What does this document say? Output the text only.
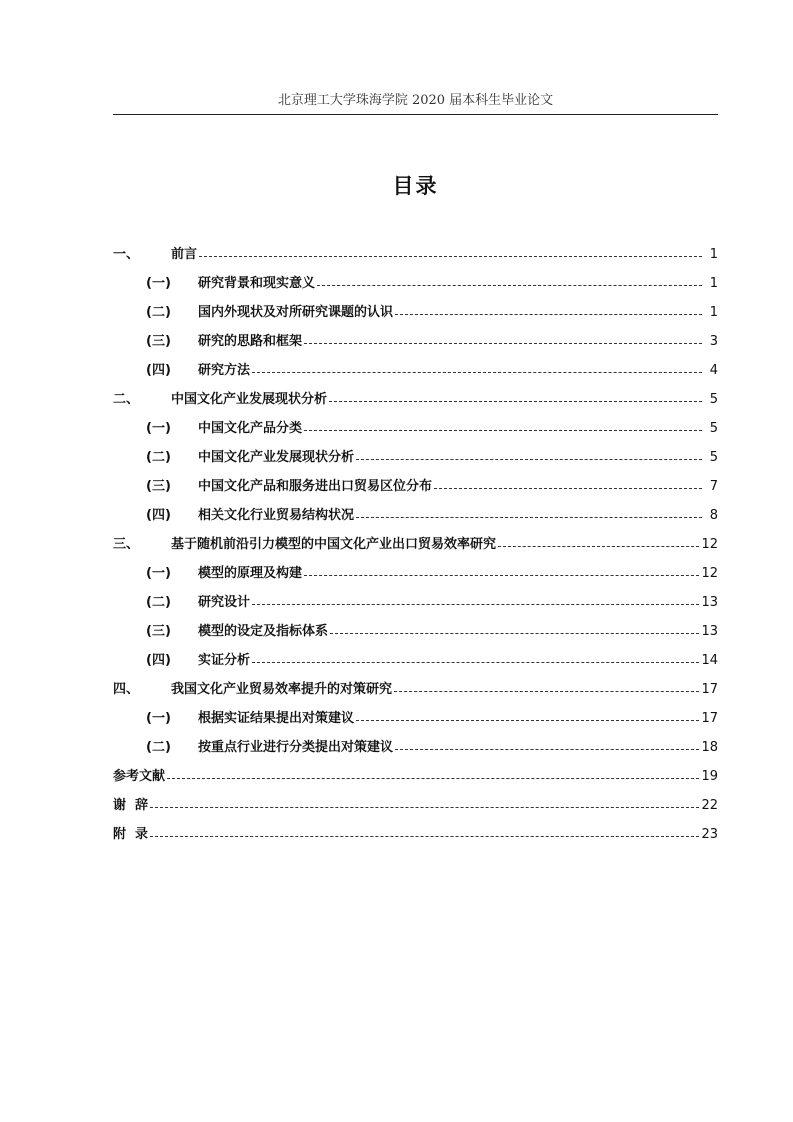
北京理工大学珠海学院 2020 届本科生毕业论文
目录
一、	前言	1
(一)	研究背景和现实意义	1
(二)	国内外现状及对所研究课题的认识	1
(三)	研究的思路和框架	3
(四)	研究方法	4
二、	中国文化产业发展现状分析	5
(一)	中国文化产品分类	5
(二)	中国文化产业发展现状分析	5
(三)	中国文化产品和服务进出口贸易区位分布	7
(四)	相关文化行业贸易结构状况	8
三、	基于随机前沿引力模型的中国文化产业出口贸易效率研究	12
(一)	模型的原理及构建	12
(二)	研究设计	13
(三)	模型的设定及指标体系	13
(四)	实证分析	14
四、	我国文化产业贸易效率提升的对策研究	17
(一)	根据实证结果提出对策建议	17
(二)	按重点行业进行分类提出对策建议	18
参考文献	19
谢  辞	22
附  录	23
